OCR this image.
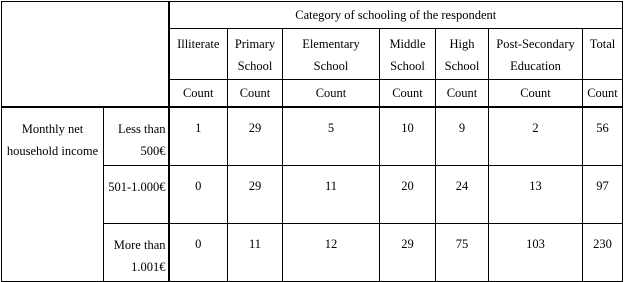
		Category of schooling of the respondent						
		Illiterate	Primary School	Elementary School	Middle School	High School	Post-Secondary Education	Total
		Count	Count	Count	Count	Count	Count	Count
Monthly net household income	Less than 500€	1	29	5	10	9	2	56
	501-1.000€	0	29	11	20	24	13	97
	More than 1.001€	0	11	12	29	75	103	230
